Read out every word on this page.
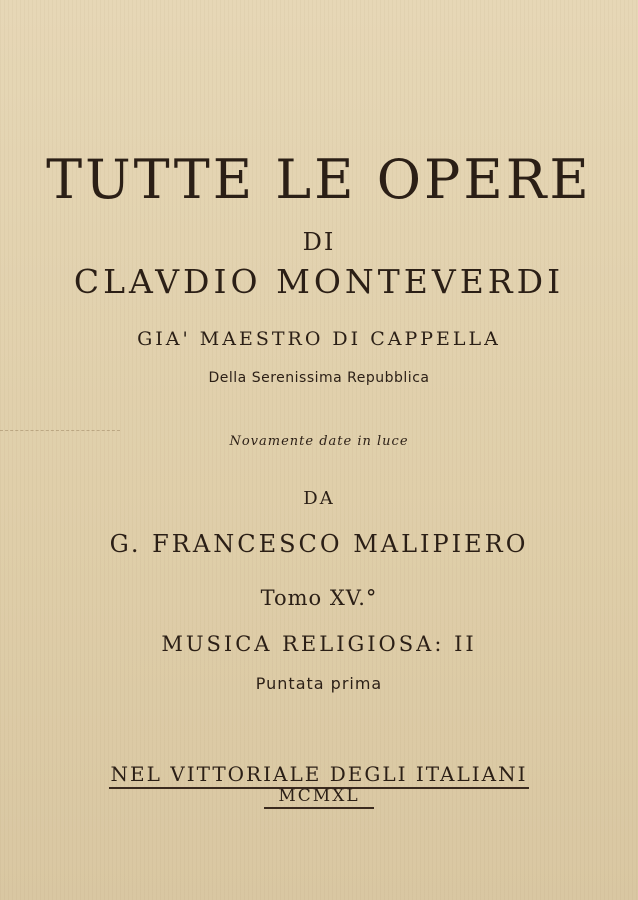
TUTTE LE OPERE
DI
CLAVDIO MONTEVERDI
GIA' MAESTRO DI CAPPELLA
Della Serenissima Repubblica
Novamente date in luce
DA
G. FRANCESCO MALIPIERO
Tomo XV.°
MUSICA RELIGIOSA: II
Puntata prima
NEL VITTORIALE DEGLI ITALIANI
MCMXL
